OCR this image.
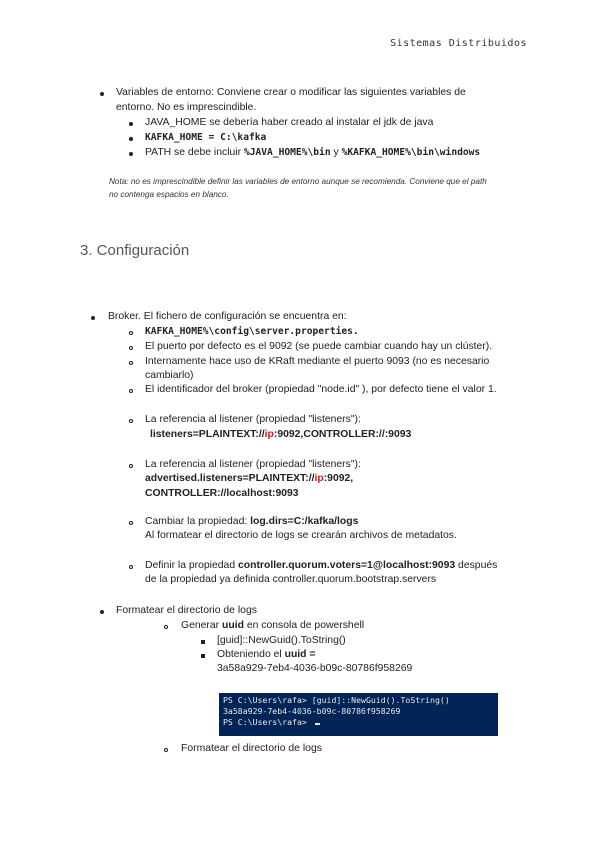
Sistemas Distribuidos
Variables de entorno: Conviene crear o modificar las siguientes variables de
entorno. No es imprescindible.
JAVA_HOME se debería haber creado al instalar el jdk de java
KAFKA_HOME = C:\kafka
PATH se debe incluir %JAVA_HOME%\bin y %KAFKA_HOME%\bin\windows
Nota: no es imprescindible definir las variables de entorno aunque se recomienda. Conviene que el path
no contenga espacios en blanco.
3. Configuración
Broker. El fichero de configuración se encuentra en:
KAFKA_HOME%\config\server.properties.
El puerto por defecto es el 9092 (se puede cambiar cuando hay un clúster).
Internamente hace uso de KRaft mediante el puerto 9093 (no es necesario
cambiarlo)
El identificador del broker (propiedad "node.id" ), por defecto tiene el valor 1.
La referencia al listener (propiedad "listeners"):
listeners=PLAINTEXT://ip:9092,CONTROLLER://:9093
La referencia al listener (propiedad "listeners"):
advertised.listeners=PLAINTEXT://ip:9092,
CONTROLLER://localhost:9093
Cambiar la propiedad: log.dirs=C:/kafka/logs
Al formatear el directorio de logs se crearán archivos de metadatos.
Definir la propiedad controller.quorum.voters=1@localhost:9093 después
de la propiedad ya definida controller.quorum.bootstrap.servers
Formatear el directorio de logs
Generar uuid en consola de powershell
[guid]::NewGuid().ToString()
Obteniendo el uuid =
3a58a929-7eb4-4036-b09c-80786f958269
PS C:\Users\rafa> [guid]::NewGuid().ToString()
3a58a929-7eb4-4036-b09c-80786f958269
PS C:\Users\rafa>
Formatear el directorio de logs
